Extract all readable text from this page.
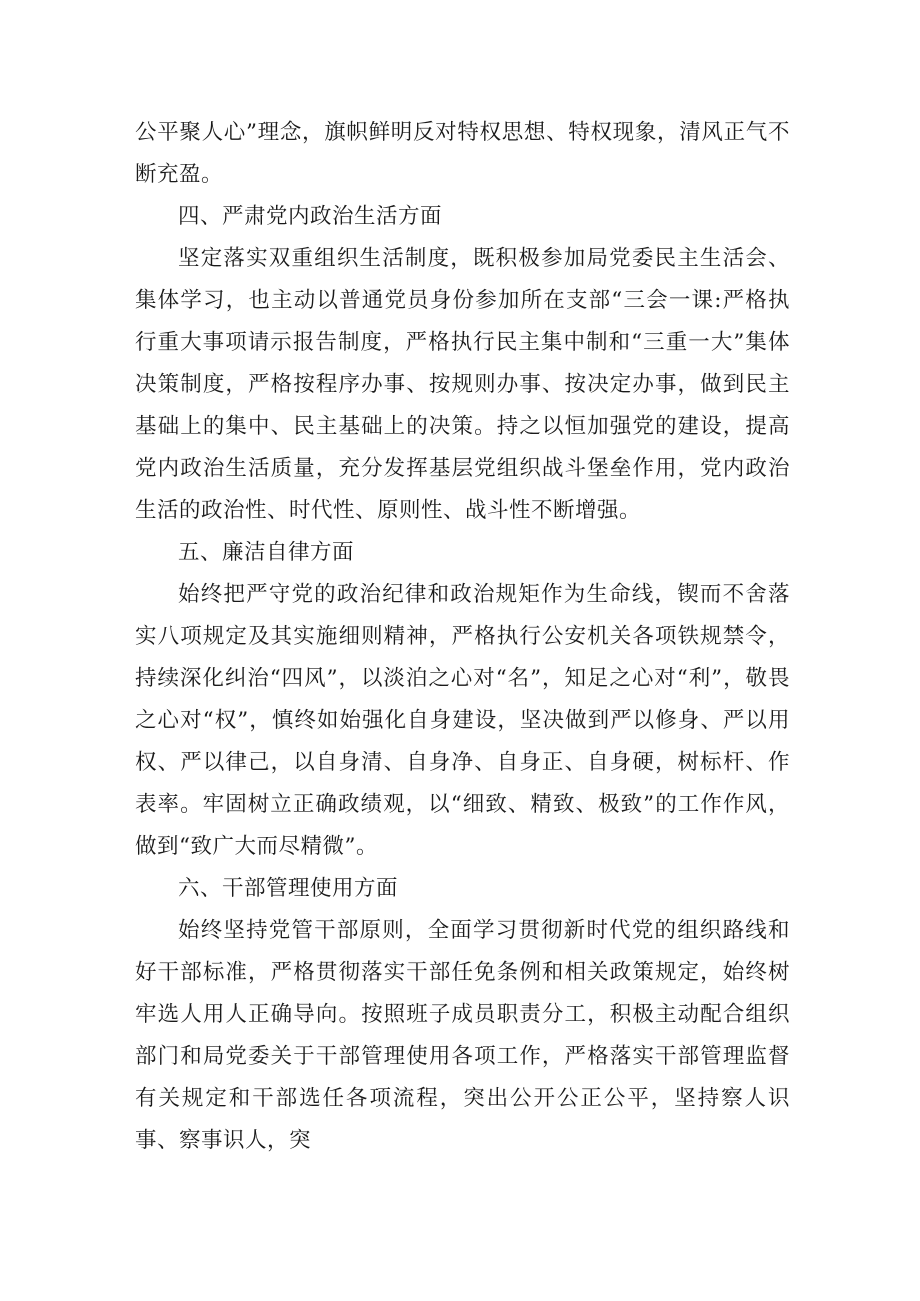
公平聚人心”理念，旗帜鲜明反对特权思想、特权现象，清风正气不断充盈。

四、严肃党内政治生活方面

坚定落实双重组织生活制度，既积极参加局党委民主生活会、集体学习，也主动以普通党员身份参加所在支部“三会一课:严格执行重大事项请示报告制度，严格执行民主集中制和“三重一大”集体决策制度，严格按程序办事、按规则办事、按决定办事，做到民主基础上的集中、民主基础上的决策。持之以恒加强党的建设，提高党内政治生活质量，充分发挥基层党组织战斗堡垒作用，党内政治生活的政治性、时代性、原则性、战斗性不断增强。

五、廉洁自律方面

始终把严守党的政治纪律和政治规矩作为生命线，锲而不舍落实八项规定及其实施细则精神，严格执行公安机关各项铁规禁令，持续深化纠治“四风”，以淡泊之心对“名”，知足之心对“利”，敬畏之心对“权”，慎终如始强化自身建设，坚决做到严以修身、严以用权、严以律己，以自身清、自身净、自身正、自身硬，树标杆、作表率。牢固树立正确政绩观，以“细致、精致、极致”的工作作风，做到“致广大而尽精微”。

六、干部管理使用方面

始终坚持党管干部原则，全面学习贯彻新时代党的组织路线和好干部标准，严格贯彻落实干部任免条例和相关政策规定，始终树牢选人用人正确导向。按照班子成员职责分工，积极主动配合组织部门和局党委关于干部管理使用各项工作，严格落实干部管理监督有关规定和干部选任各项流程，突出公开公正公平，坚持察人识事、察事识人，突
